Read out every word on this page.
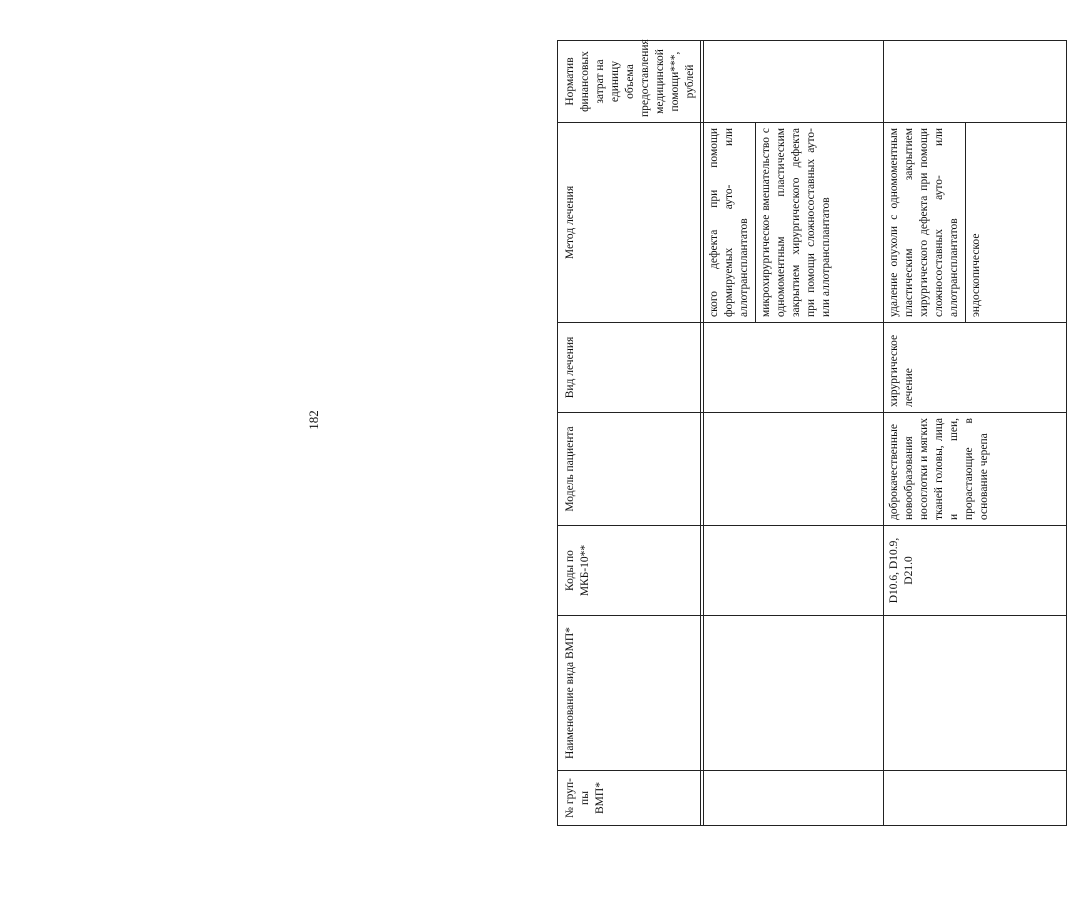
182
№ груп-пы ВМП*	Наименование вида ВМП*	Коды по МКБ-10**	Модель пациента	Вид лечения	Метод лечения	Норматив финансовых затрат на единицу объема предоставления медицинской помощи***, рублей

					ского дефекта при помощи формируемых ауто- или аллотрансплантатов микрохирургическое вмешательство с одномоментным пластическим закрытием хирургического дефекта при помощи сложносоставных ауто- или аллотрансплантатов	

		D10.6, D10.9, D21.0	доброкачественные новообразования носоглотки и мягких тканей головы, лица и шеи, прорастающие в основание черепа	хирургическое лечение	удаление опухоли с одномоментным пластическим закрытием хирургического дефекта при помощи сложносоставных ауто- или аллотрансплантатов эндоскопическое	
